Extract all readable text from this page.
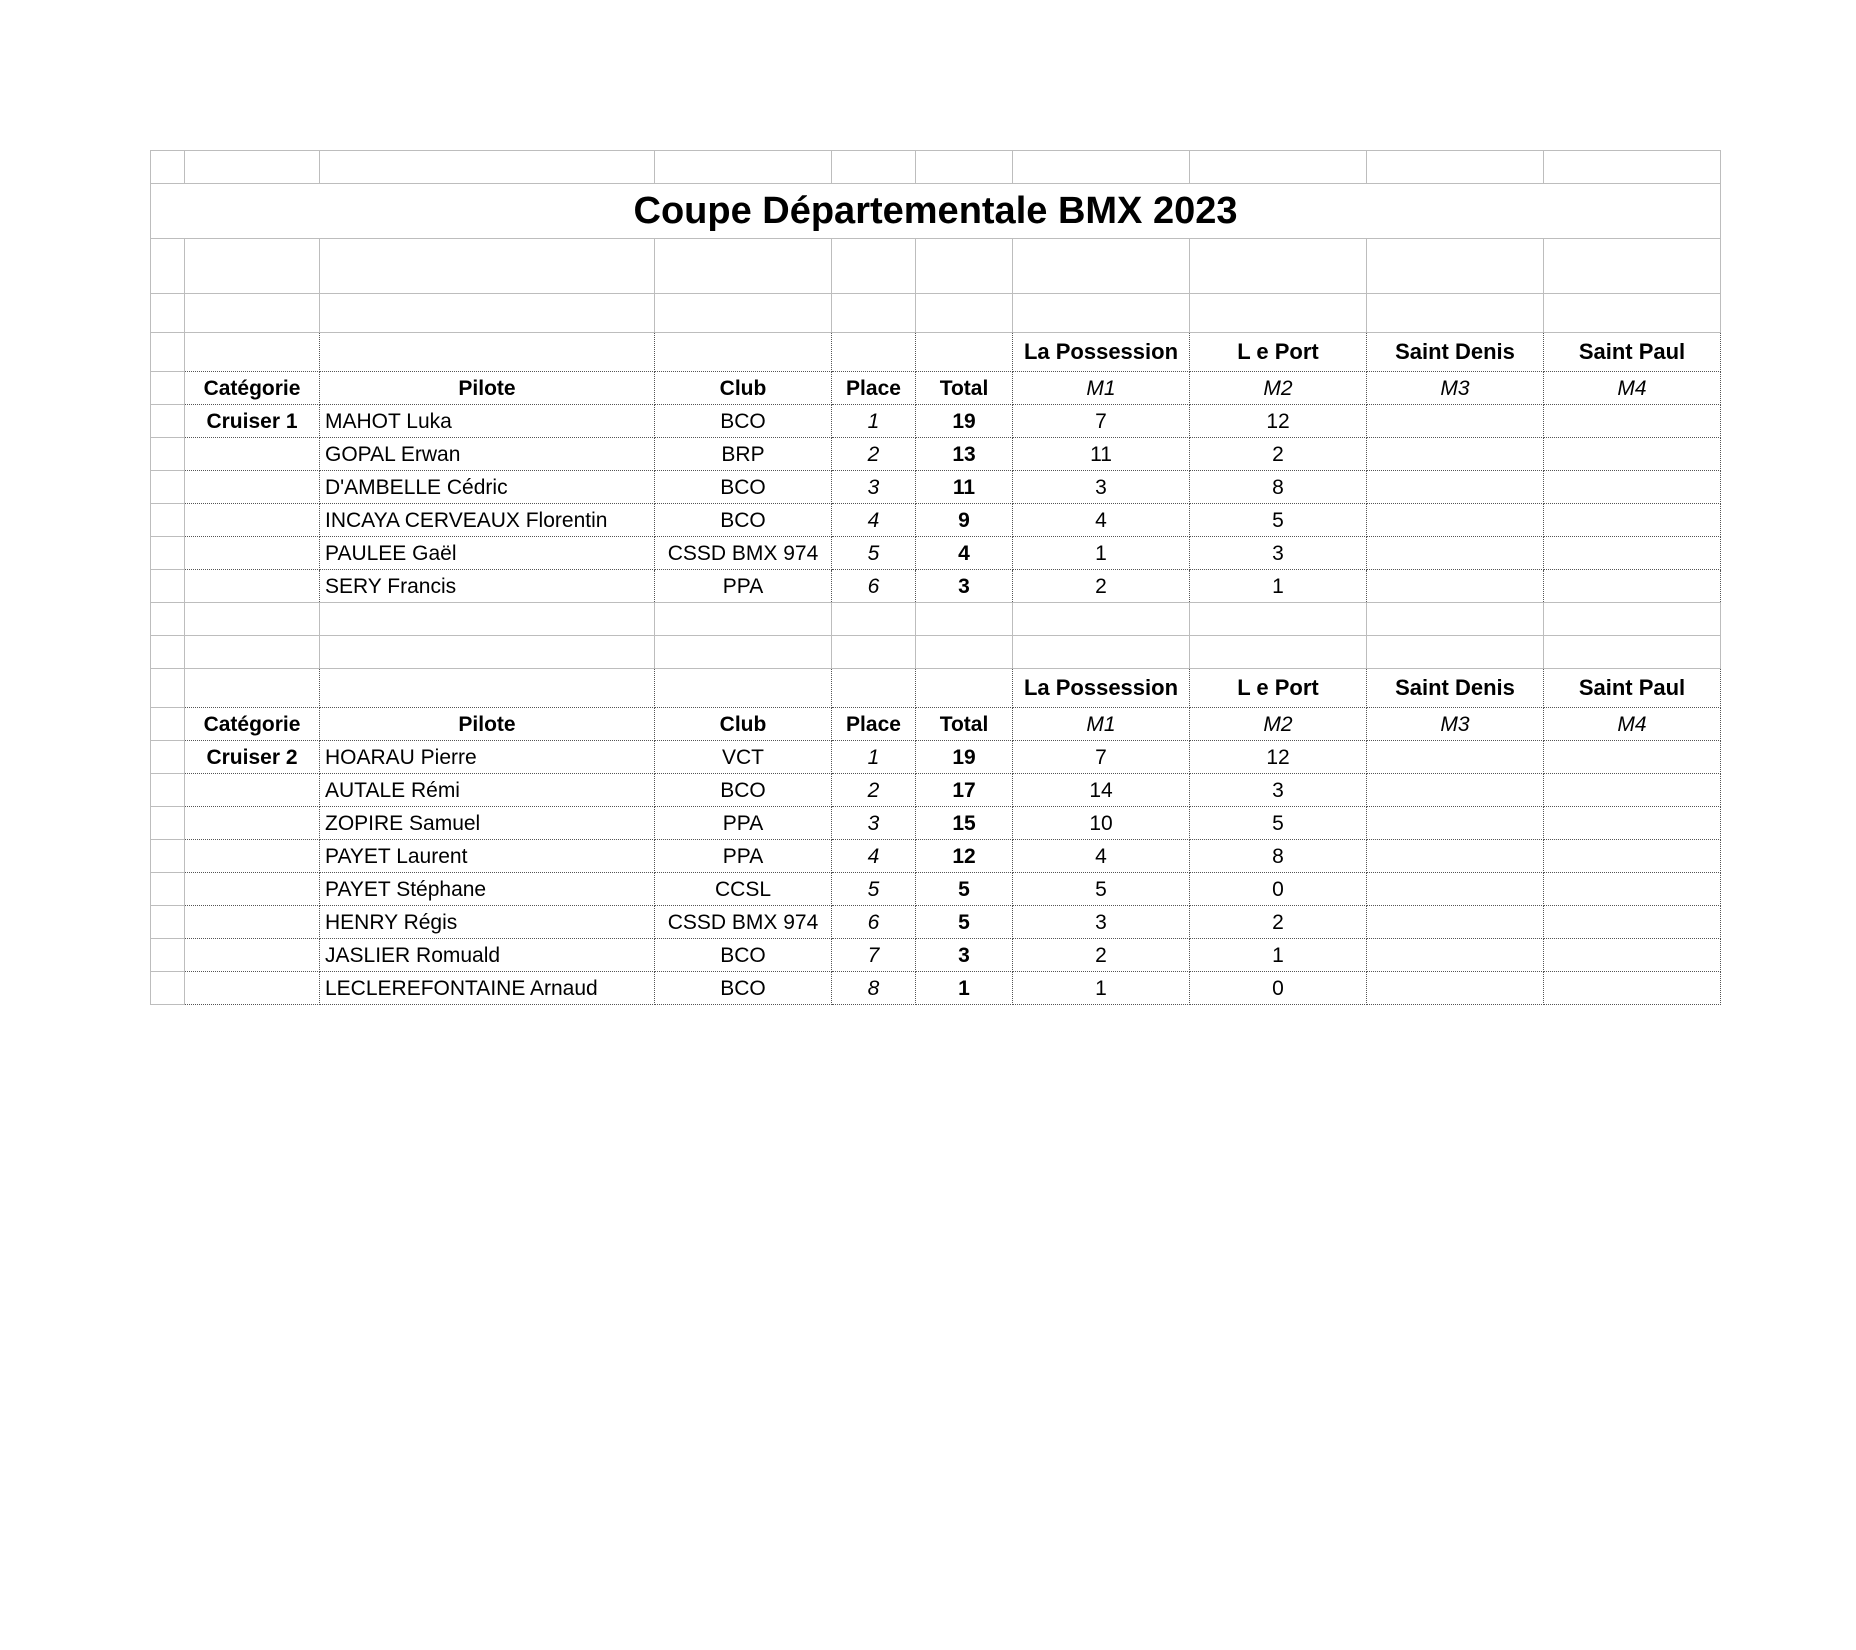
Coupe Départementale BMX 2023									

						La Possession	L e Port	Saint Denis	Saint Paul
	Catégorie	Pilote	Club	Place	Total	M1	M2	M3	M4
	Cruiser 1	MAHOT Luka	BCO	1	19	7	12		
		GOPAL Erwan	BRP	2	13	11	2		
		D'AMBELLE Cédric	BCO	3	11	3	8		
		INCAYA CERVEAUX Florentin	BCO	4	9	4	5		
		PAULEE Gaël	CSSD BMX 974	5	4	1	3		
		SERY Francis	PPA	6	3	2	1		

						La Possession	L e Port	Saint Denis	Saint Paul
	Catégorie	Pilote	Club	Place	Total	M1	M2	M3	M4
	Cruiser 2	HOARAU Pierre	VCT	1	19	7	12		
		AUTALE Rémi	BCO	2	17	14	3		
		ZOPIRE Samuel	PPA	3	15	10	5		
		PAYET Laurent	PPA	4	12	4	8		
		PAYET Stéphane	CCSL	5	5	5	0		
		HENRY Régis	CSSD BMX 974	6	5	3	2		
		JASLIER Romuald	BCO	7	3	2	1		
		LECLEREFONTAINE Arnaud	BCO	8	1	1	0		
